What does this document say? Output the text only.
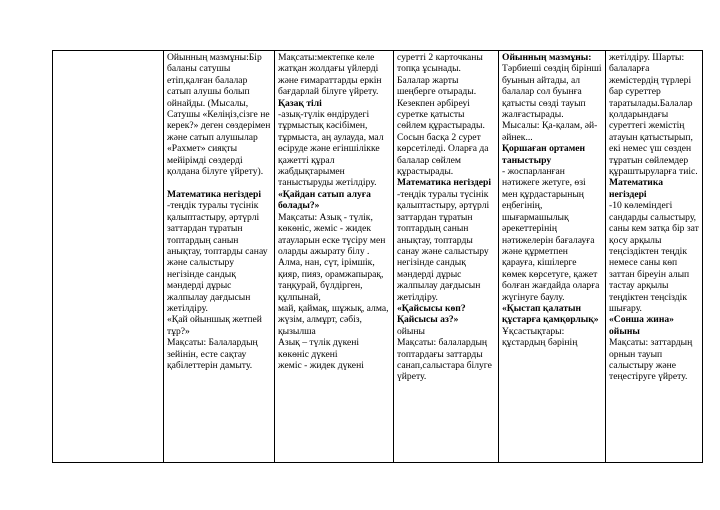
Ойынның мазмұны:Бір баланы сатушы етіп,қалған балалар сатып алушы болып ойнайды. (Мысалы, Сатушы «Келіңіз,сізге не керек?» деген сөздерімен және сатып алушылар «Рахмет» сияқты мейірімді сөздерді қолдана білуге үйрету).

Математика негіздері
-теңдік туралы түсінік қалыптастыру, әртүрлі заттардан тұратын топтардың санын анықтау, топтарды санау және салыстыру негізінде сандық мәндерді дұрыс жалпылау дағдысын жетілдіру.
«Қай ойыншық жетпей тұр?»
Мақсаты: Балалардың зейінін, есте сақтау қабілеттерін дамыту.

Мақсаты:мектепке келе жатқан жолдағы үйлерді және ғимараттарды еркін бағдарлай білуге үйрету.
Қазақ тілі
-азық-түлік өндірудегі тұрмыстық кәсібімен, тұрмыста, аң аулауда, мал өсіруде және егіншілікке қажетті құрал жабдықтарымен таныстыруды жетілдіру.
«Қайдан сатып алуға болады?»
Мақсаты: Азық - түлік, көкөніс, жеміс - жидек атауларын еске түсіру мен оларды ажырату білу .
Алма, нан, сүт, ірімшік, қияр, пияз, орамжапырақ, таңқурай, бүлдірген, құлпынай,
май, қаймақ, шұжық, алма, жүзім, алмұрт, сәбіз, қызылша
Азық – түлік дүкені көкөніс дүкені
жеміс - жидек дүкені

суретті 2 карточканы топқа ұсынады. Балалар жарты шеңберге отырады. Кезекпен әрбіреуі суретке қатысты сөйлем құрастырады. Сосын басқа 2 сурет көрсетіледі. Оларға да балалар сөйлем құрастырады.
Математика негіздері
-теңдік туралы түсінік қалыптастыру, әртүрлі заттардан тұратын топтардың санын анықтау, топтарды санау және салыстыру негізінде сандық мәндерді дұрыс жалпылау дағдысын жетілдіру.
«Қайсысы көп? Қайсысы аз?»
ойыны
Мақсаты: балалардың топтардағы заттарды санап,салыстара білуге үйрету.
	Ойынның мазмұны:
Тәрбиеші сөздің бірінші буынын айтады, ал балалар сол буынға қатысты сөзді тауып жалғастырады. Мысалы: Қа-қалам, әй-әйнек...
Қоршаған ортамен таныстыру
- жоспарланған нәтижеге жетуге, өзі мен құрдастарының еңбегінің, шығармашылық әрекеттерінің нәтижелерін бағалауға және құрметпен қарауға, кішілерге көмек көрсетуге, қажет болған жағдайда оларға жүгінуге баулу.
«Қыстап қалатын құстарға қамқорлық»
Ұқсастықтары: құстардың бәрінің

жетілдіру. Шарты: балаларға жемістердің түрлері бар суреттер таратылады.Балалар қолдарындағы суреттегі жемістің атауын қатыстырып, екі немес үш сөзден тұратын сөйлемдер құраштыруларға тиіс.
Математика негіздері
-10 көлеміндегі сандарды салыстыру, саны кем затқа бір зат қосу арқылы теңсіздіктен теңдік немесе саны көп заттан біреуін алып тастау арқылы теңдіктен теңсіздік шығару.
«Сонша жина» ойыны
Мақсаты: заттардың орнын тауып салыстыру және теңестіруге үйрету.
